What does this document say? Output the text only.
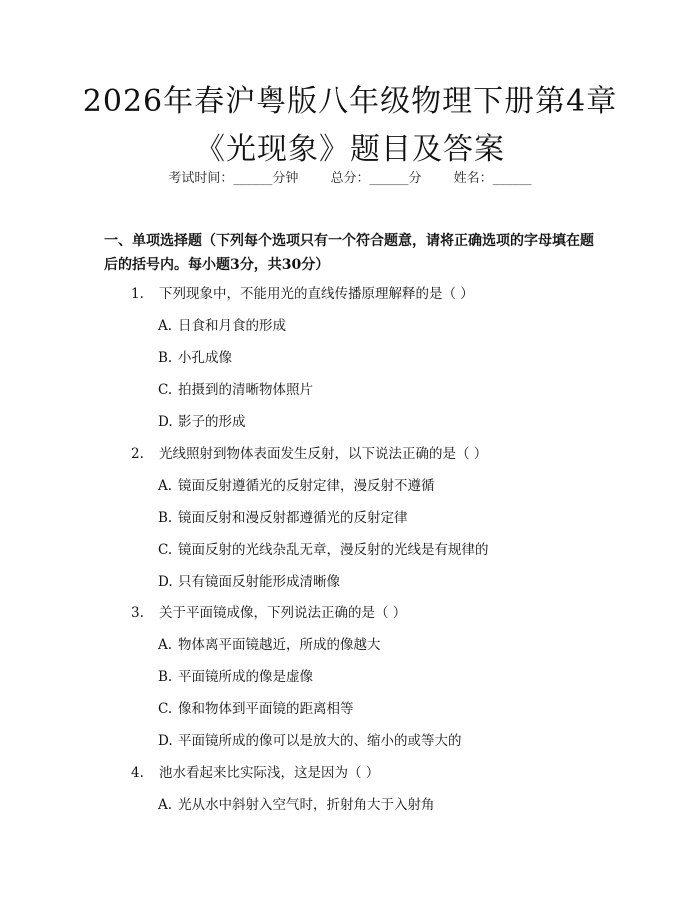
2026年春沪粤版八年级物理下册第4章《光现象》题目及答案
考试时间：______分钟 总分：______分 姓名：______
一、单项选择题（下列每个选项只有一个符合题意，请将正确选项的字母填在题后的括号内。每小题3分，共30分）
1. 下列现象中，不能用光的直线传播原理解释的是（ ）
A. 日食和月食的形成
B. 小孔成像
C. 拍摄到的清晰物体照片
D. 影子的形成
2. 光线照射到物体表面发生反射，以下说法正确的是（ ）
A. 镜面反射遵循光的反射定律，漫反射不遵循
B. 镜面反射和漫反射都遵循光的反射定律
C. 镜面反射的光线杂乱无章，漫反射的光线是有规律的
D. 只有镜面反射能形成清晰像
3. 关于平面镜成像，下列说法正确的是（ ）
A. 物体离平面镜越近，所成的像越大
B. 平面镜所成的像是虚像
C. 像和物体到平面镜的距离相等
D. 平面镜所成的像可以是放大的、缩小的或等大的
4. 池水看起来比实际浅，这是因为（ ）
A. 光从水中斜射入空气时，折射角大于入射角
